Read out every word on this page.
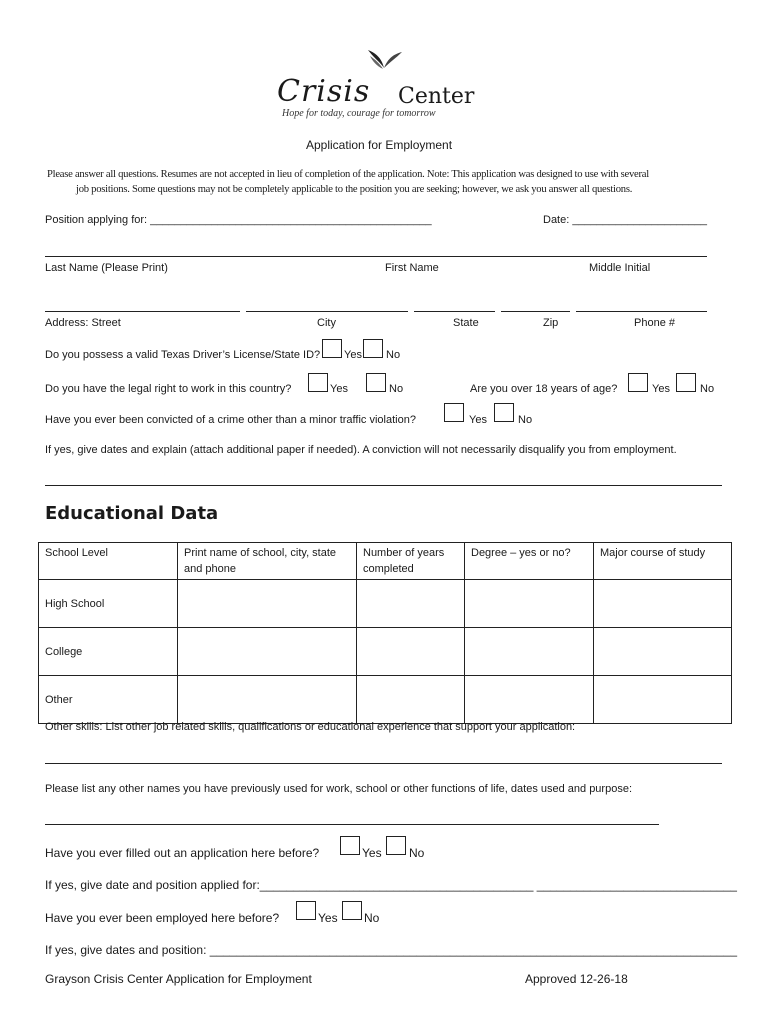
Crisis Center
Hope for today, courage for tomorrow
Application for Employment
Please answer all questions. Resumes are not accepted in lieu of completion of the application. Note: This application was designed to use with several
job positions. Some questions may not be completely applicable to the position you are seeking; however, we ask you answer all questions.
Position applying for: ______________________________________________	Date: ______________________
Last Name (Please Print)	First Name	Middle Initial
Address: Street	City	State	Zip	Phone #
Do you possess a valid Texas Driver’s License/State ID? Yes No
Do you have the legal right to work in this country?	Yes	No	Are you over 18 years of age?	Yes	No
Have you ever been convicted of a crime other than a minor traffic violation?	Yes	No
If yes, give dates and explain (attach additional paper if needed). A conviction will not necessarily disqualify you from employment.
Educational Data
School Level	Print name of school, city, state and phone	Number of years completed	Degree – yes or no?	Major course of study
High School				
College				
Other				
Other skills: List other job related skills, qualifications or educational experience that support your application:
Please list any other names you have previously used for work, school or other functions of life, dates used and purpose:
Have you ever filled out an application here before?	Yes No
If yes, give date and position applied for:_________________________________________ ______________________________
Have you ever been employed here before?	Yes No
If yes, give dates and position: _______________________________________________________________________________
Grayson Crisis Center Application for Employment	Approved 12-26-18
